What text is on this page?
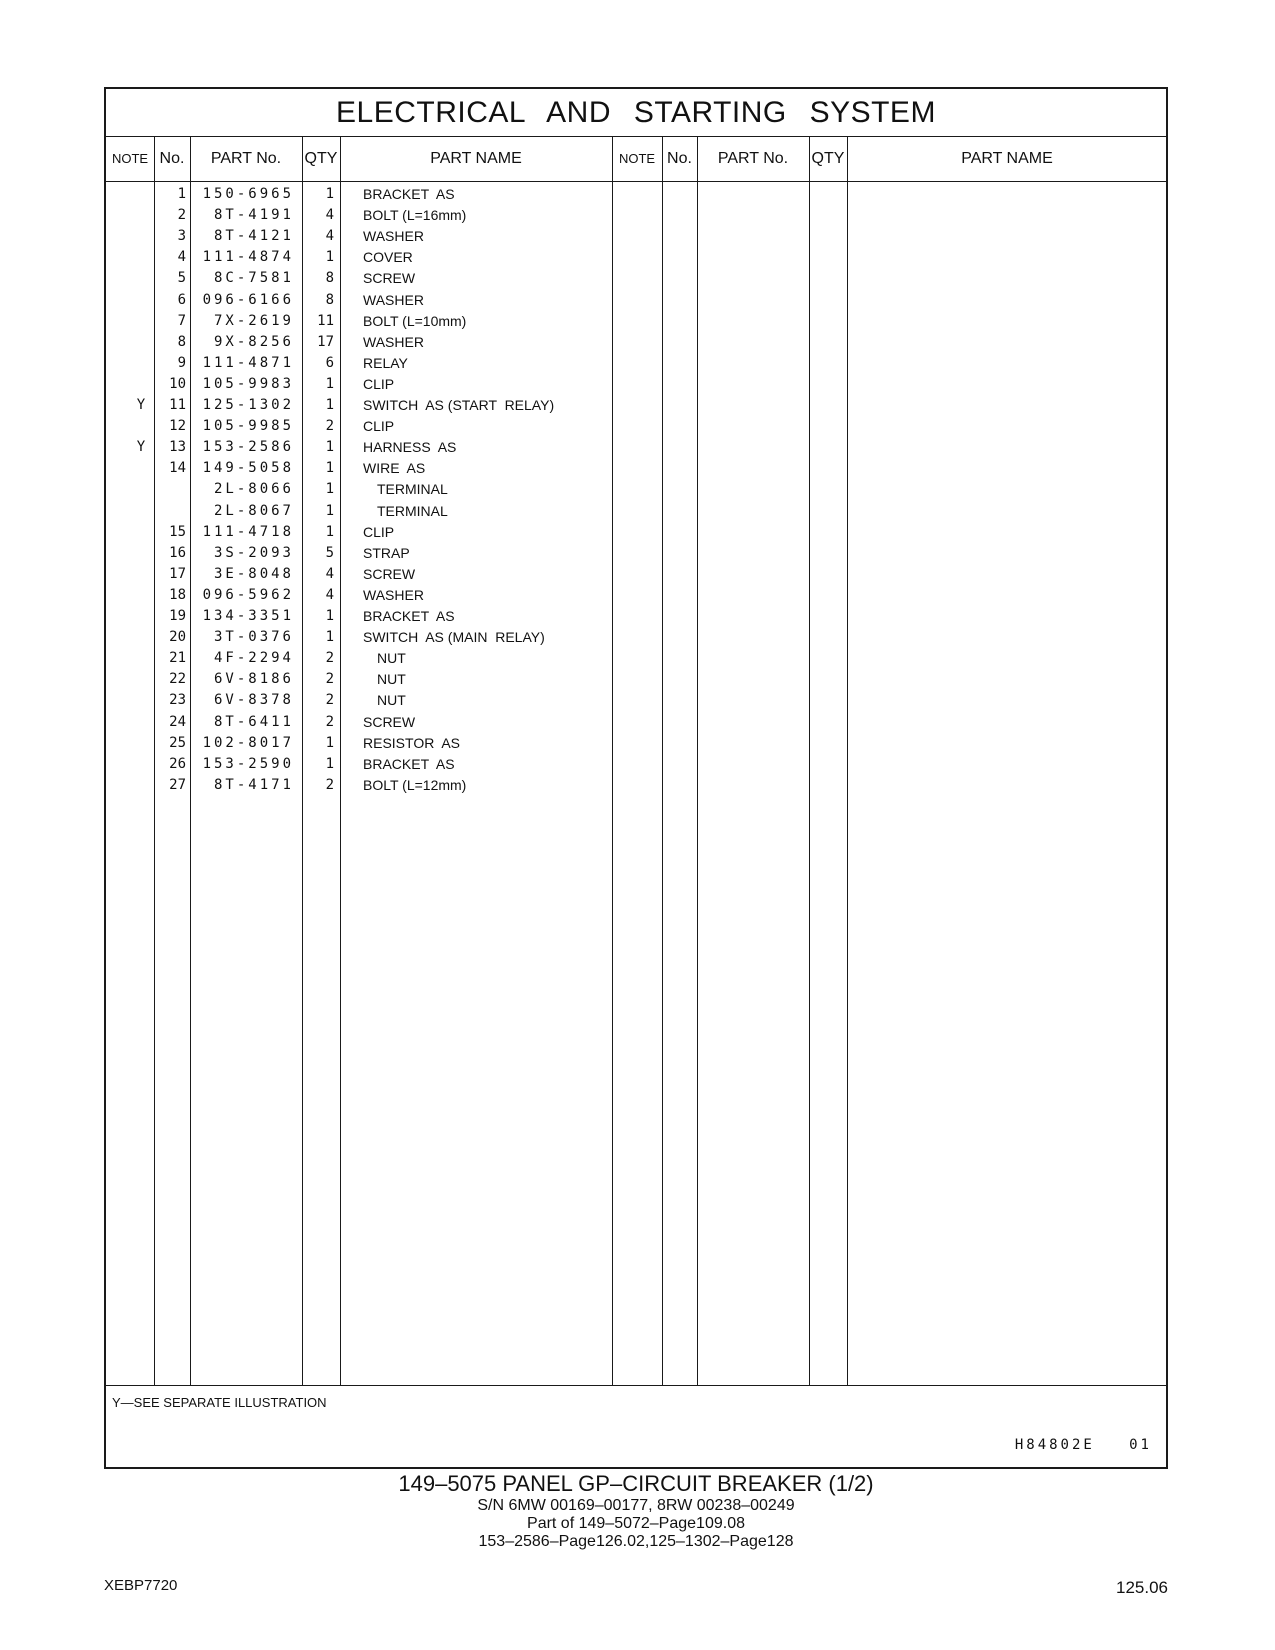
ELECTRICAL AND STARTING SYSTEM
NOTE No.	PART No.	QTY	PART NAME	NOTE No.	PART No.	QTY	PART NAME
1 150-6965	1 BRACKET  AS
2	8T-4191	4 BOLT (L=16mm)
3	8T-4121	4 WASHER
4 111-4874	1 COVER
5	8C-7581	8 SCREW
6 096-6166	8 WASHER
7	7X-2619	11 BOLT (L=10mm)
8	9X-8256	17 WASHER
9 111-4871	6 RELAY
10 105-9983	1 CLIP
Y	11 125-1302	1 SWITCH  AS (START  RELAY)
12 105-9985	2 CLIP
Y	13 153-2586	1 HARNESS  AS
14 149-5058	1 WIRE  AS
2L-8066	1	TERMINAL
2L-8067	1	TERMINAL
15 111-4718	1 CLIP
16	3S-2093	5 STRAP
17	3E-8048	4 SCREW
18 096-5962	4 WASHER
19 134-3351	1 BRACKET  AS
20	3T-0376	1 SWITCH  AS (MAIN  RELAY)
21	4F-2294	2	NUT
22	6V-8186	2	NUT
23	6V-8378	2	NUT
24	8T-6411	2 SCREW
25 102-8017	1 RESISTOR  AS
26 153-2590	1 BRACKET  AS
27	8T-4171	2 BOLT (L=12mm)
Y—SEE SEPARATE ILLUSTRATION
H84802E   01
149–5075 PANEL GP–CIRCUIT BREAKER (1/2)
S/N 6MW 00169–00177, 8RW 00238–00249
Part of 149–5072–Page109.08
153–2586–Page126.02,125–1302–Page128
XEBP7720	125.06
